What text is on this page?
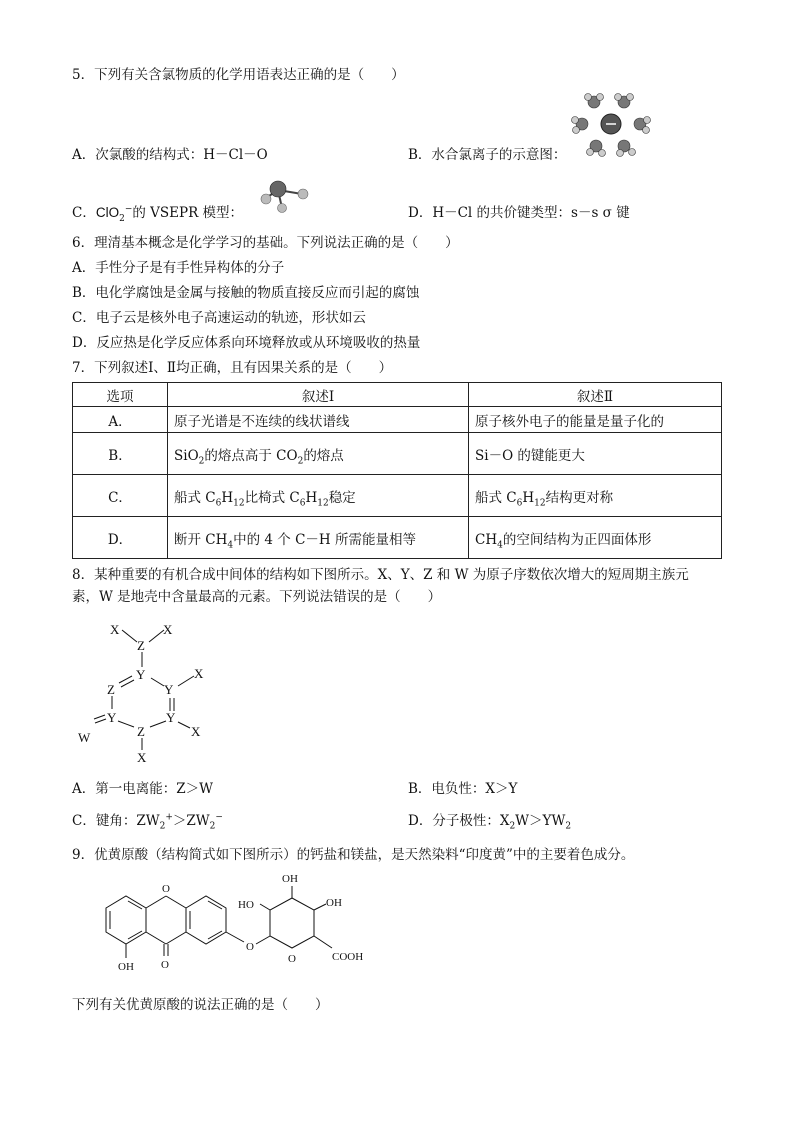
5．下列有关含氯物质的化学用语表达正确的是（　　）
A．次氯酸的结构式：H－Cl－O	B．水合氯离子的示意图：
C．ClO$_2$−的 VSEPR 模型：	D．H－Cl 的共价键类型：s－s σ 键
6．理清基本概念是化学学习的基础。下列说法正确的是（　　）
A．手性分子是有手性异构体的分子
B．电化学腐蚀是金属与接触的物质直接反应而引起的腐蚀
C．电子云是核外电子高速运动的轨迹，形状如云
D．反应热是化学反应体系向环境释放或从环境吸收的热量
7．下列叙述Ⅰ、Ⅱ均正确，且有因果关系的是（　　）
选项	叙述Ⅰ	叙述Ⅱ
A．	原子光谱是不连续的线状谱线	原子核外电子的能量是量子化的
B．	SiO$_2$的熔点高于 $CO_2$的熔点	Si－O 的键能更大
C．	船式 $C_6H_{12}$比椅式 $C_6H_{12}$稳定	船式 $C_6H_{12}$结构更对称
D．	断开 $CH_4$中的 4 个 C－H 所需能量相等	$CH_4$的空间结构为正四面体形
8．某种重要的有机合成中间体的结构如下图所示。X、Y、Z 和 W 为原子序数依次增大的短周期主族元
素，W 是地壳中含量最高的元素。下列说法错误的是（　　）
X	X
Z
Y
Z	Y
X
Y	Y
Z
W	X
X
A．第一电离能：Z＞W	B．电负性：X＞Y
C．键角：$ZW_2^+>ZW_2^-$	D．分子极性：$X_2W>YW_2$
9．优黄原酸（结构简式如下图所示）的钙盐和镁盐，是天然染料“印度黄”中的主要着色成分。
O
O
OH
O
OH
HO	OH
O	COOH
下列有关优黄原酸的说法正确的是（　　）
